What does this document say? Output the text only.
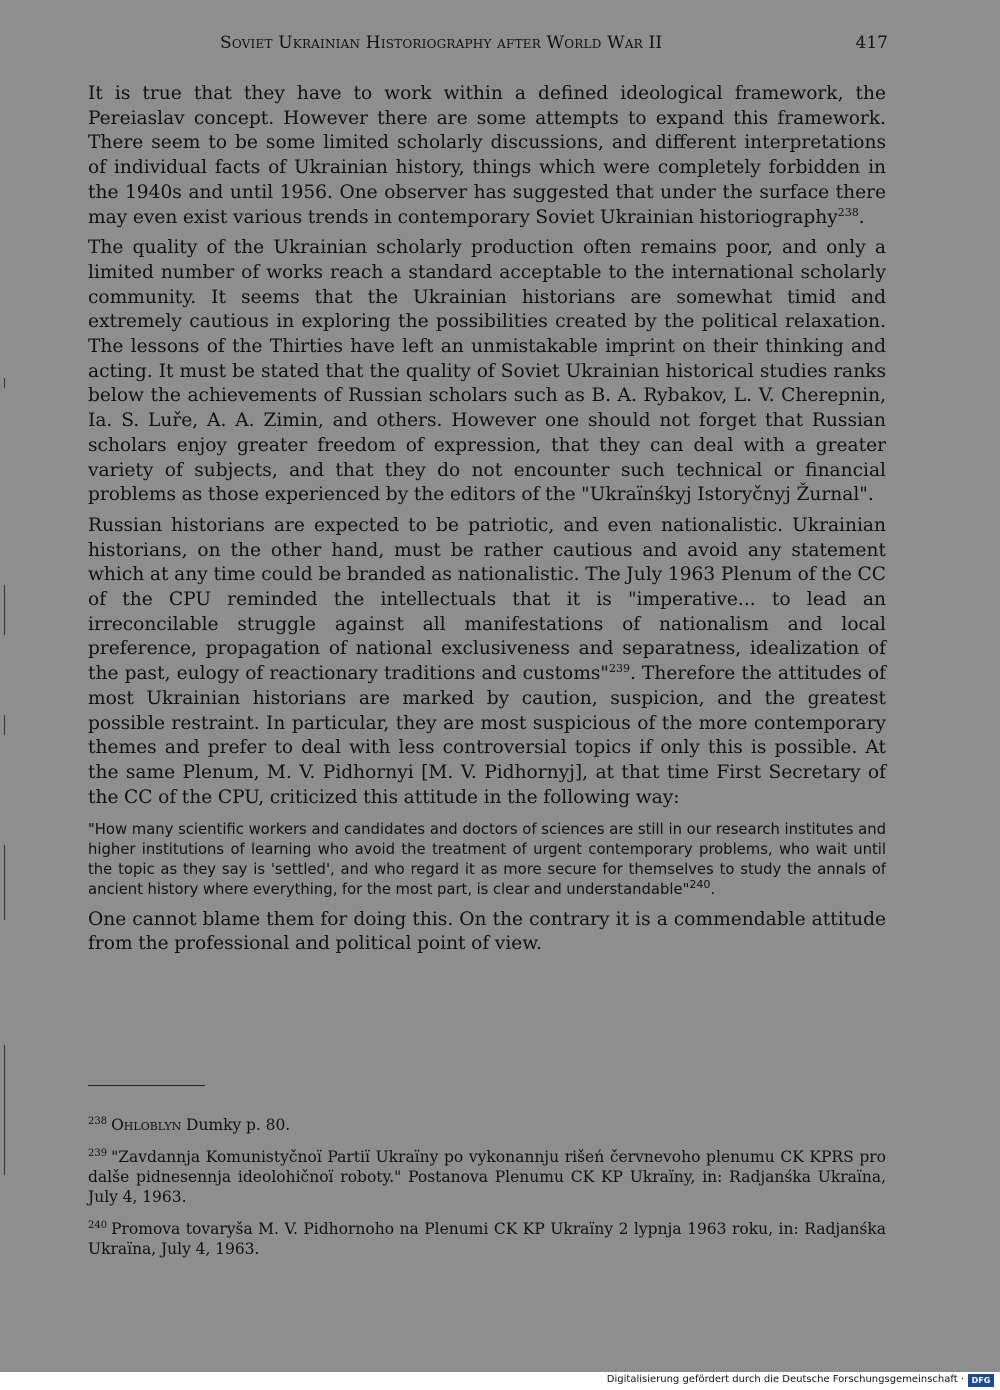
Soviet Ukrainian Historiography after World War II	417

It is true that they have to work within a defined ideological framework, the Pereiaslav concept. However there are some attempts to expand this framework. There seem to be some limited scholarly discussions, and different interpretations of individual facts of Ukrainian history, things which were completely forbidden in the 1940s and until 1956. One observer has suggested that under the surface there may even exist various trends in contemporary Soviet Ukrainian historiography$^{238}$.

The quality of the Ukrainian scholarly production often remains poor, and only a limited number of works reach a standard acceptable to the international scholarly community. It seems that the Ukrainian historians are somewhat timid and extremely cautious in exploring the possibilities created by the political relaxation. The lessons of the Thirties have left an unmistakable imprint on their thinking and acting. It must be stated that the quality of Soviet Ukrainian historical studies ranks below the achievements of Russian scholars such as B. A. Rybakov, L. V. Cherepnin, Ia. S. Luře, A. A. Zimin, and others. However one should not forget that Russian scholars enjoy greater freedom of expression, that they can deal with a greater variety of subjects, and that they do not encounter such technical or financial problems as those experienced by the editors of the "Ukraïnśkyj Istoryčnyj Žurnal".

Russian historians are expected to be patriotic, and even nationalistic. Ukrainian historians, on the other hand, must be rather cautious and avoid any statement which at any time could be branded as nationalistic. The July 1963 Plenum of the CC of the CPU reminded the intellectuals that it is "imperative... to lead an irreconcilable struggle against all manifestations of nationalism and local preference, propagation of national exclusiveness and separatness, idealization of the past, eulogy of reactionary traditions and customs"$^{239}$. Therefore the attitudes of most Ukrainian historians are marked by caution, suspicion, and the greatest possible restraint. In particular, they are most suspicious of the more contemporary themes and prefer to deal with less controversial topics if only this is possible. At the same Plenum, M. V. Pidhornyi [M. V. Pidhornyj], at that time First Secretary of the CC of the CPU, criticized this attitude in the following way:

"How many scientific workers and candidates and doctors of sciences are still in our research institutes and higher institutions of learning who avoid the treatment of urgent contemporary problems, who wait until the topic as they say is 'settled', and who regard it as more secure for themselves to study the annals of ancient history where everything, for the most part, is clear and understandable"$^{240}$.

One cannot blame them for doing this. On the contrary it is a commendable attitude from the professional and political point of view.

$^{238}$ Ohloblyn Dumky p. 80.

$^{239}$ "Zavdannja Komunistyčnoï Partiï Ukraïny po vykonannju rišeń červnevoho plenumu CK KPRS pro dalše pidnesennja ideolohičnoï roboty." Postanova Plenumu CK KP Ukraïny, in: Radjanśka Ukraïna, July 4, 1963.

$^{240}$ Promova tovaryša M. V. Pidhornoho na Plenumi CK KP Ukraïny 2 lypnja 1963 roku, in: Radjanśka Ukraïna, July 4, 1963.

Digitalisierung gefördert durch die Deutsche Forschungsgemeinschaft · DFG
